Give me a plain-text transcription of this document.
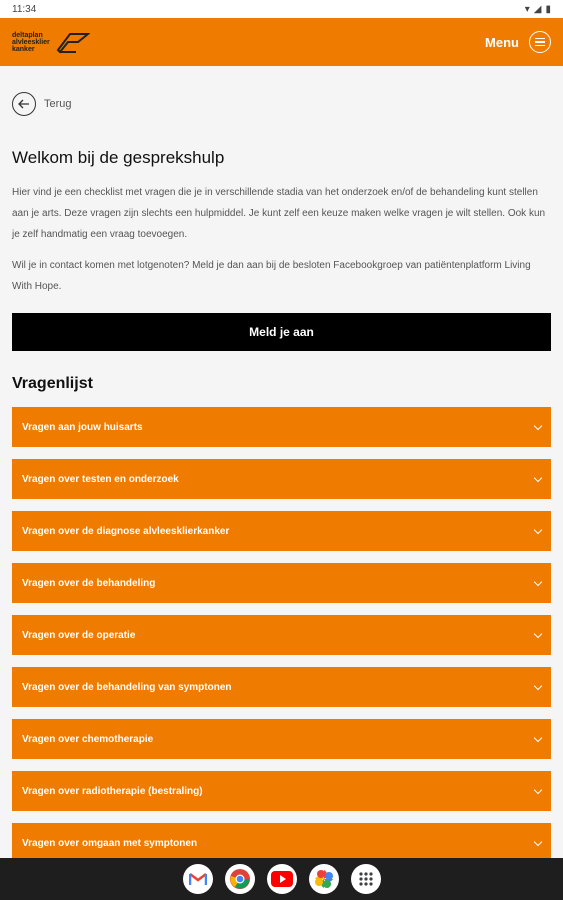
11:34	▾ ◢ ▮
deltaplan
alvleesklier
kanker	Menu
Terug
Welkom bij de gesprekshulp

Hier vind je een checklist met vragen die je in verschillende stadia van het onderzoek en/of de behandeling kunt stellen aan je arts. Deze vragen zijn slechts een hulpmiddel. Je kunt zelf een keuze maken welke vragen je wilt stellen. Ook kun je zelf handmatig een vraag toevoegen.

Wil je in contact komen met lotgenoten? Meld je dan aan bij de besloten Facebookgroep van patiëntenplatform Living With Hope.

Meld je aan
Vragenlijst
Vragen aan jouw huisarts
Vragen over testen en onderzoek
Vragen over de diagnose alvleesklierkanker
Vragen over de behandeling
Vragen over de operatie
Vragen over de behandeling van symptonen
Vragen over chemotherapie
Vragen over radiotherapie (bestraling)
Vragen over omgaan met symptonen
